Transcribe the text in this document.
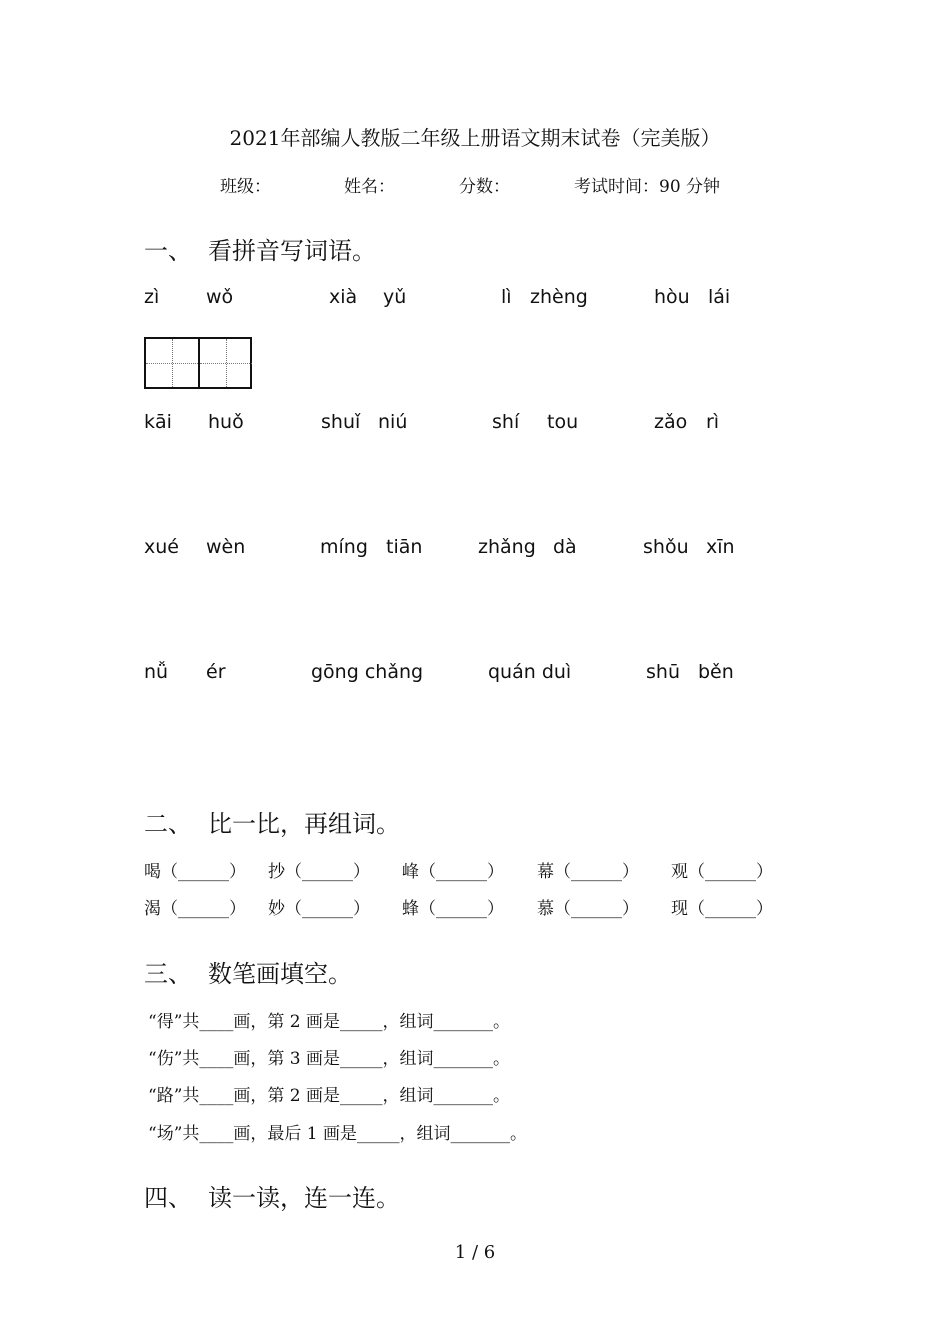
2021年部编人教版二年级上册语文期末试卷（完美版）
班级：	姓名：	分数：	考试时间：90 分钟
一、 看拼音写词语。
zì wǒ	xià yǔ	lì zhèng	hòu lái
kāi huǒ	shuǐ niú	shí tou	zǎo rì
xué wèn	míng tiān	zhǎng dà	shǒu xīn
nǚ ér	gōng chǎng	quán duì	shū běn
二、 比一比，再组词。
喝（______） 抄（______） 峰（______） 幕（______） 观（______）
渴（______） 妙（______） 蜂（______） 慕（______） 现（______）
三、 数笔画填空。
“得”共____画，第 2 画是_____，组词_______。
“伤”共____画，第 3 画是_____，组词_______。
“路”共____画，第 2 画是_____，组词_______。
“场”共____画，最后 1 画是_____，组词_______。
四、 读一读，连一连。
1 / 6
